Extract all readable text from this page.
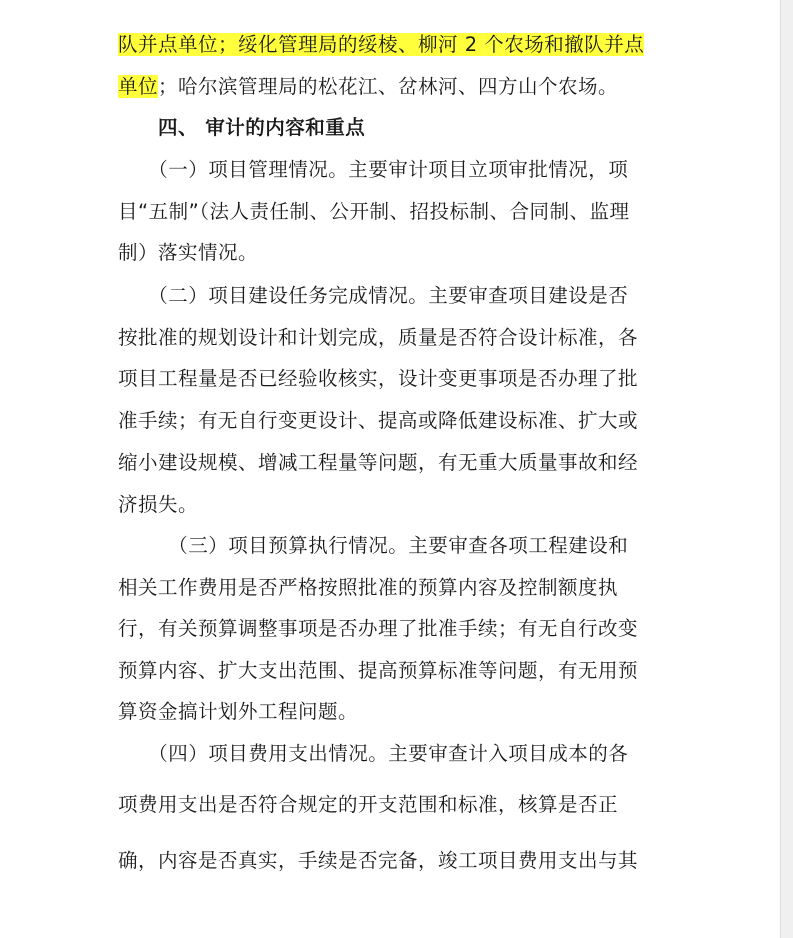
队并点单位；绥化管理局的绥棱、柳河 2 个农场和撤队并点
单位；哈尔滨管理局的松花江、岔林河、四方山个农场。
　　四、 审计的内容和重点
　　（一）项目管理情况。主要审计项目立项审批情况，项
目“五制”（法人责任制、公开制、招投标制、合同制、监理
制）落实情况。
　　（二）项目建设任务完成情况。主要审查项目建设是否
按批准的规划设计和计划完成，质量是否符合设计标准，各
项目工程量是否已经验收核实，设计变更事项是否办理了批
准手续；有无自行变更设计、提高或降低建设标准、扩大或
缩小建设规模、增减工程量等问题，有无重大质量事故和经
济损失。
　　　（三）项目预算执行情况。主要审查各项工程建设和
相关工作费用是否严格按照批准的预算内容及控制额度执
行，有关预算调整事项是否办理了批准手续；有无自行改变
预算内容、扩大支出范围、提高预算标准等问题，有无用预
算资金搞计划外工程问题。
　　（四）项目费用支出情况。主要审查计入项目成本的各
项费用支出是否符合规定的开支范围和标准，核算是否正
确，内容是否真实，手续是否完备，竣工项目费用支出与其
